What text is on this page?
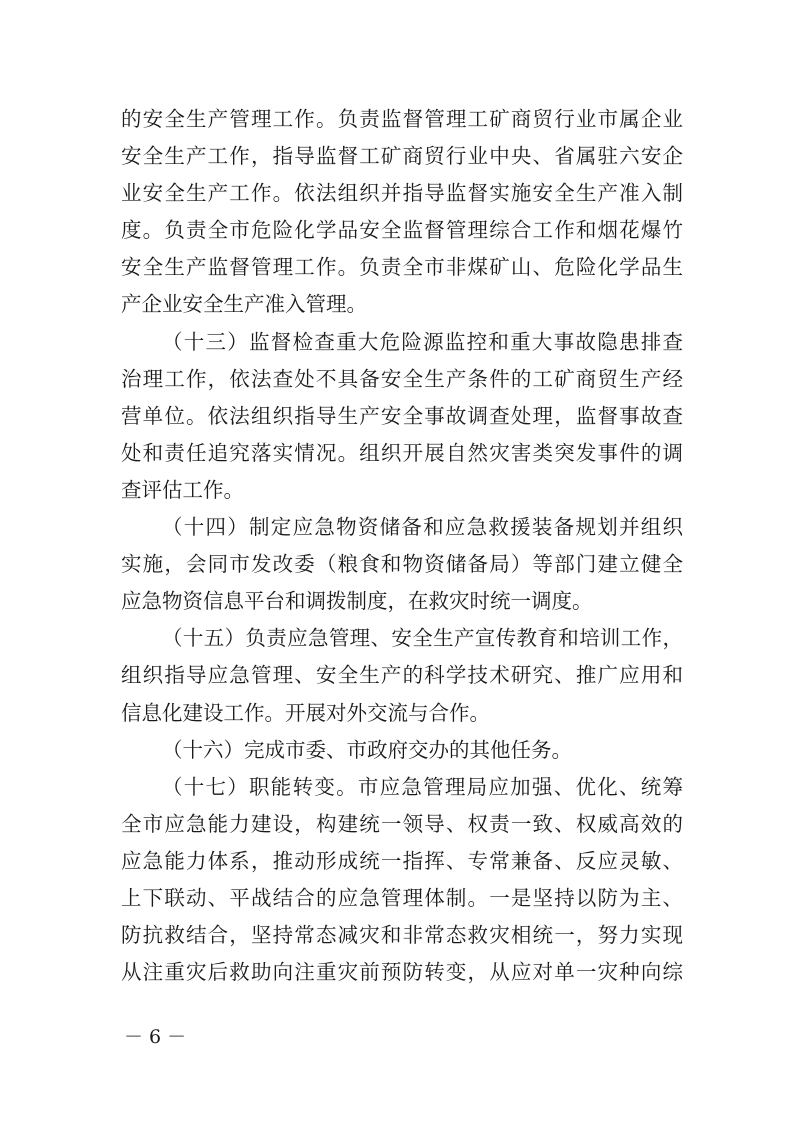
的安全生产管理工作。负责监督管理工矿商贸行业市属企业
安全生产工作，指导监督工矿商贸行业中央、省属驻六安企
业安全生产工作。依法组织并指导监督实施安全生产准入制
度。负责全市危险化学品安全监督管理综合工作和烟花爆竹
安全生产监督管理工作。负责全市非煤矿山、危险化学品生
产企业安全生产准入管理。
（十三）监督检查重大危险源监控和重大事故隐患排查
治理工作，依法查处不具备安全生产条件的工矿商贸生产经
营单位。依法组织指导生产安全事故调查处理，监督事故查
处和责任追究落实情况。组织开展自然灾害类突发事件的调
查评估工作。
（十四）制定应急物资储备和应急救援装备规划并组织
实施，会同市发改委（粮食和物资储备局）等部门建立健全
应急物资信息平台和调拨制度，在救灾时统一调度。
（十五）负责应急管理、安全生产宣传教育和培训工作，
组织指导应急管理、安全生产的科学技术研究、推广应用和
信息化建设工作。开展对外交流与合作。
（十六）完成市委、市政府交办的其他任务。
（十七）职能转变。市应急管理局应加强、优化、统筹
全市应急能力建设，构建统一领导、权责一致、权威高效的
应急能力体系，推动形成统一指挥、专常兼备、反应灵敏、
上下联动、平战结合的应急管理体制。一是坚持以防为主、
防抗救结合，坚持常态减灾和非常态救灾相统一，努力实现
从注重灾后救助向注重灾前预防转变，从应对单一灾种向综
－ 6 －
